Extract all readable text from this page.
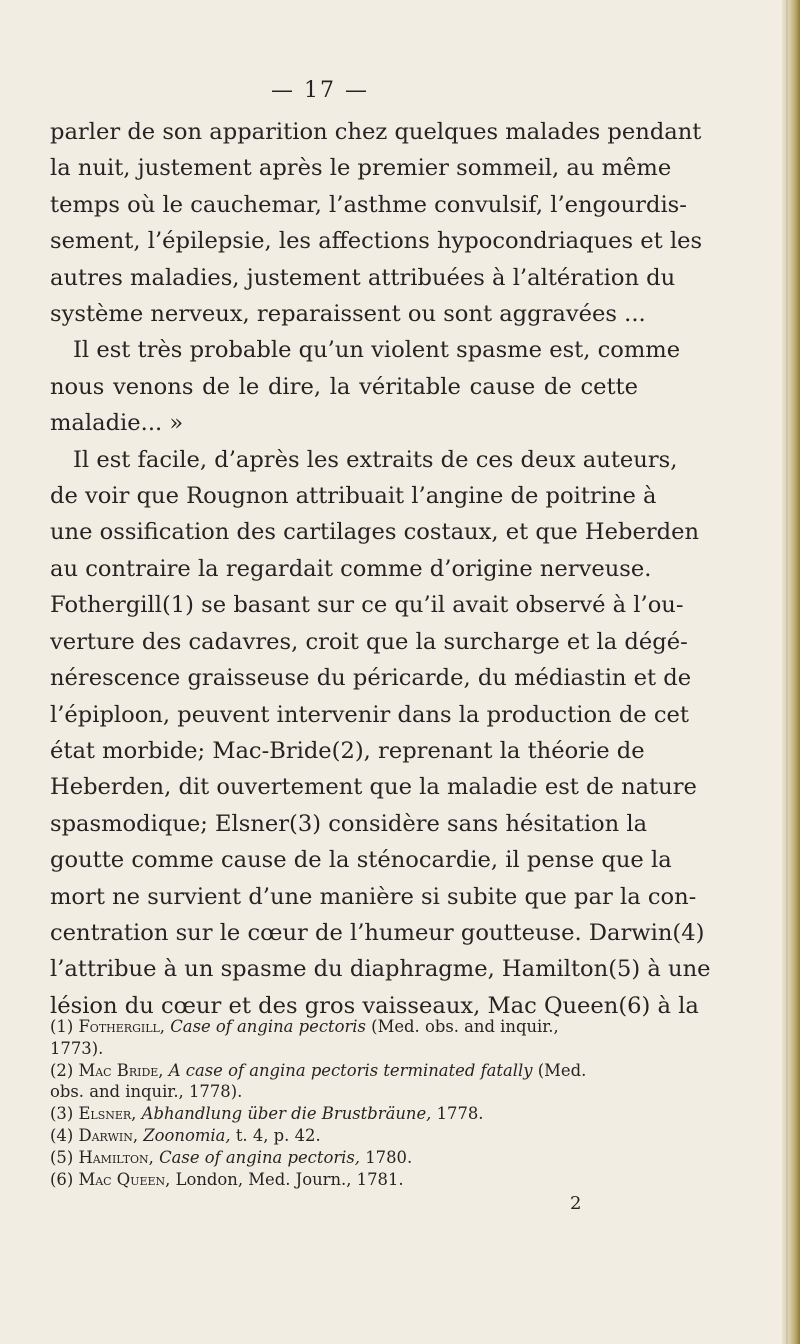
— 17 —
parler de son apparition chez quelques malades pendant
la nuit, justement après le premier sommeil, au même
temps où le cauchemar, l’asthme convulsif, l’engourdis-
sement, l’épilepsie, les affections hypocondriaques et les
autres maladies, justement attribuées à l’altération du
système nerveux, reparaissent ou sont aggravées ...
Il est très probable qu’un violent spasme est, comme
nous venons de le dire, la véritable cause de cette
maladie... »
Il est facile, d’après les extraits de ces deux auteurs,
de voir que Rougnon attribuait l’angine de poitrine à
une ossification des cartilages costaux, et que Heberden
au contraire la regardait comme d’origine nerveuse.
Fothergill(1) se basant sur ce qu’il avait observé à l’ou-
verture des cadavres, croit que la surcharge et la dégé-
nérescence graisseuse du péricarde, du médiastin et de
l’épiploon, peuvent intervenir dans la production de cet
état morbide; Mac-Bride(2), reprenant la théorie de
Heberden, dit ouvertement que la maladie est de nature
spasmodique; Elsner(3) considère sans hésitation la
goutte comme cause de la sténocardie, il pense que la
mort ne survient d’une manière si subite que par la con-
centration sur le cœur de l’humeur goutteuse. Darwin(4)
l’attribue à un spasme du diaphragme, Hamilton(5) à une
lésion du cœur et des gros vaisseaux, Mac Queen(6) à la
(1) Fothergill, Case of angina pectoris (Med. obs. and inquir.,
1773).
(2) Mac Bride, A case of angina pectoris terminated fatally (Med.
obs. and inquir., 1778).
(3) Elsner, Abhandlung über die Brustbräune, 1778.
(4) Darwin, Zoonomia, t. 4, p. 42.
(5) Hamilton, Case of angina pectoris, 1780.
(6) Mac Queen, London, Med. Journ., 1781.
2
